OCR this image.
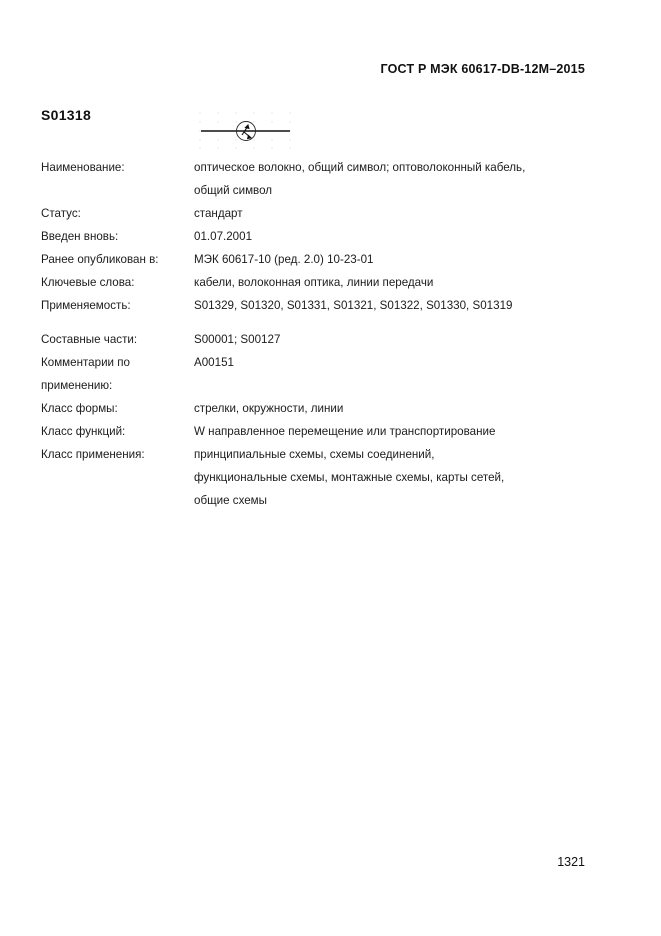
ГОСТ Р МЭК 60617-DB-12M–2015
S01318
Наименование:	оптическое волокно, общий символ; оптоволоконный кабель,
общий символ
Статус:	стандарт
Введен вновь:	01.07.2001
Ранее опубликован в:	МЭК 60617-10 (ред. 2.0) 10-23-01
Ключевые слова:	кабели, волоконная оптика, линии передачи
Применяемость:	S01329, S01320, S01331, S01321, S01322, S01330, S01319
Составные части:	S00001; S00127
Комментарии по
применению:
A00151
Класс формы:	стрелки, окружности, линии
Класс функций:	W направленное перемещение или транспортирование
Класс применения:	принципиальные схемы, схемы соединений,
функциональные схемы, монтажные схемы, карты сетей,
общие схемы
1321
